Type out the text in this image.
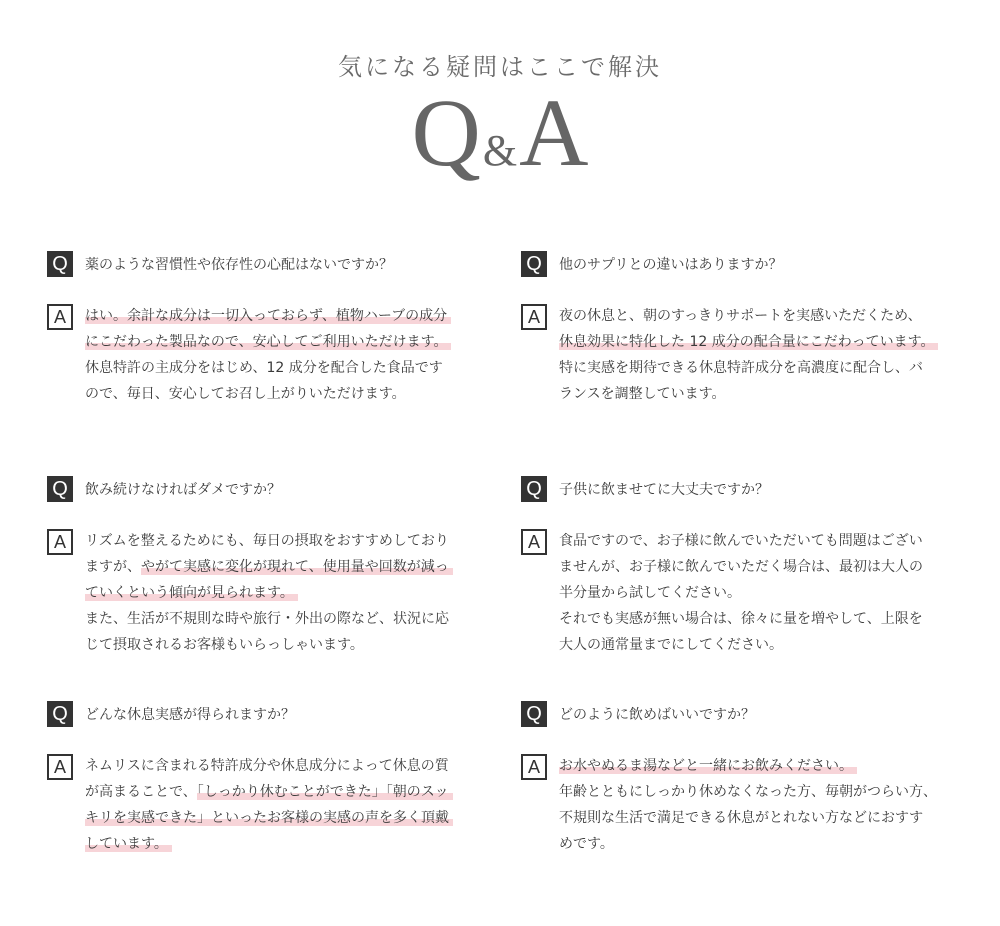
気になる疑問はここで解決
Q&A
Q	薬のような習慣性や依存性の心配はないですか？
A	はい。余計な成分は一切入っておらず、植物ハーブの成分
にこだわった製品なので、安心してご利用いただけます。
休息特許の主成分をはじめ、12 成分を配合した食品です
ので、毎日、安心してお召し上がりいただけます。
Q	他のサプリとの違いはありますか？
A	夜の休息と、朝のすっきりサポートを実感いただくため、
休息効果に特化した 12 成分の配合量にこだわっています。
特に実感を期待できる休息特許成分を高濃度に配合し、バ
ランスを調整しています。
Q	飲み続けなければダメですか？
A	リズムを整えるためにも、毎日の摂取をおすすめしており
ますが、やがて実感に変化が現れて、使用量や回数が減っ
ていくという傾向が見られます。
また、生活が不規則な時や旅行・外出の際など、状況に応
じて摂取されるお客様もいらっしゃいます。
Q	子供に飲ませてに大丈夫ですか？
A	食品ですので、お子様に飲んでいただいても問題はござい
ませんが、お子様に飲んでいただく場合は、最初は大人の
半分量から試してください。
それでも実感が無い場合は、徐々に量を増やして、上限を
大人の通常量までにしてください。
Q	どんな休息実感が得られますか？
A	ネムリスに含まれる特許成分や休息成分によって休息の質
が高まることで、「しっかり休むことができた」「朝のスッ
キリを実感できた」といったお客様の実感の声を多く頂戴
しています。
Q	どのように飲めばいいですか？
A	お水やぬるま湯などと一緒にお飲みください。
年齢とともにしっかり休めなくなった方、毎朝がつらい方、
不規則な生活で満足できる休息がとれない方などにおすす
めです。
